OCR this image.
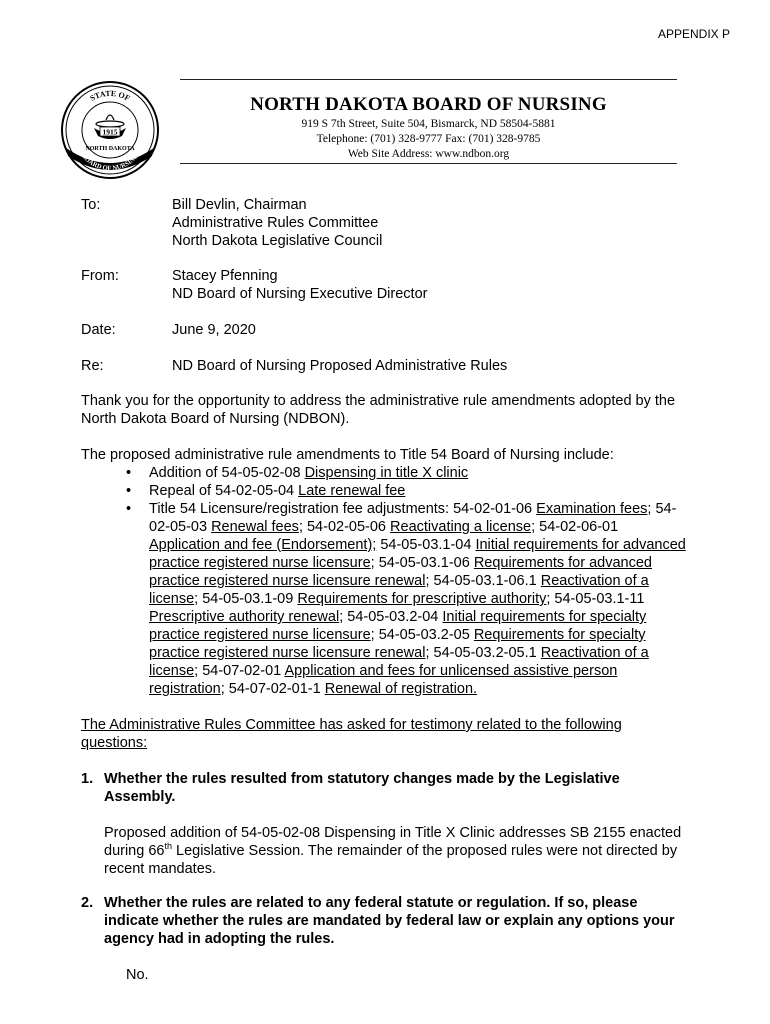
APPENDIX P
STATE OF
1915
NORTH DAKOTA
BOARD OF NURSING
NORTH DAKOTA BOARD OF NURSING
919 S 7th Street, Suite 504, Bismarck, ND 58504-5881
Telephone: (701) 328-9777 Fax: (701) 328-9785
Web Site Address: www.ndbon.org
To:	Bill Devlin, Chairman
Administrative Rules Committee
North Dakota Legislative Council
From:	Stacey Pfenning
ND Board of Nursing Executive Director
Date:	June 9, 2020
Re:	ND Board of Nursing Proposed Administrative Rules
Thank you for the opportunity to address the administrative rule amendments adopted by the North Dakota Board of Nursing (NDBON).
The proposed administrative rule amendments to Title 54 Board of Nursing include:
• Addition of 54-05-02-08 Dispensing in title X clinic
• Repeal of 54-02-05-04 Late renewal fee
• Title 54 Licensure/registration fee adjustments: 54-02-01-06 Examination fees; 54-02-05-03 Renewal fees; 54-02-05-06 Reactivating a license; 54-02-06-01 Application and fee (Endorsement); 54-05-03.1-04 Initial requirements for advanced practice registered nurse licensure; 54-05-03.1-06 Requirements for advanced practice registered nurse licensure renewal; 54-05-03.1-06.1 Reactivation of a license; 54-05-03.1-09 Requirements for prescriptive authority; 54-05-03.1-11 Prescriptive authority renewal; 54-05-03.2-04 Initial requirements for specialty practice registered nurse licensure; 54-05-03.2-05 Requirements for specialty practice registered nurse licensure renewal; 54-05-03.2-05.1 Reactivation of a license; 54-07-02-01 Application and fees for unlicensed assistive person registration; 54-07-02-01-1 Renewal of registration.
The Administrative Rules Committee has asked for testimony related to the following questions:
1. Whether the rules resulted from statutory changes made by the Legislative Assembly.
Proposed addition of 54-05-02-08 Dispensing in Title X Clinic addresses SB 2155 enacted during 66th Legislative Session. The remainder of the proposed rules were not directed by recent mandates.
2. Whether the rules are related to any federal statute or regulation. If so, please indicate whether the rules are mandated by federal law or explain any options your agency had in adopting the rules.
No.
